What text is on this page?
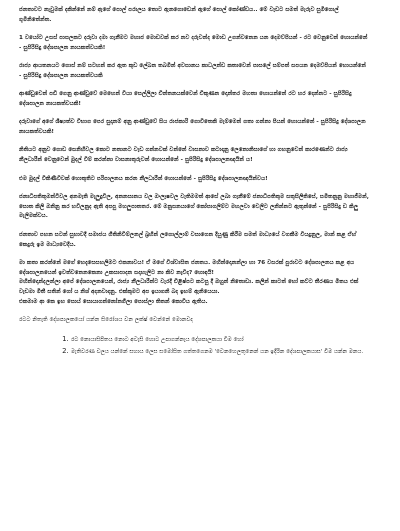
ජනතාවට නැවුමක් දකින්නේ නම් ඇගේ පොල් පරාලය තොට ඇනගොඩෙන් ඇගේ පොල් කෝණ්ඩය.. මේ වැඩට සමත් මැරුව සුමිගොල් ගුමිනිතේන්ත.

1 වයෝට උසස් පාසලකට දරුවා දමා ගැනීමට මහාජ මොඩවක් කර නව දරුවන්ද මොඩ උගන්වනෙන යන දෙමව්පියන් - රට වෙනුවෙන් හොයන්නේ - සුපිරිසිදු දේශපාලන නායකත්වයකි!

රාජ්‍ය ආයතනයට ගොස් නම් සටහන් කර ඇත කුඩ ලේඛන තබමින් අවසානය කාධලන්ඩ කතාවෙන් පාසලේ සම්පත් සපයන දෙමව්පියන් හොයන්නේ - සුපිරිසිදු දේශපාලන නායකත්වයකි

ආණ්ඩුවෙන් පඩි ගෙනු ආණ්ඩුවේ මෙහෙන් වියා සෙල්ලිලා චින්තනයක්වෙන් චිකුණන දොන්තර මහතා හොයන්නේ රට හර දෙන්නට - සුපිරිසිදු දේශපාලන නායකත්වයකි!

දරුවාගේ අගේ ශීෂ්‍යත්ව විභාග පෙර සුදානම් අනු ආණ්ඩුවේ සිය රාජකාරි ගොවිතෙකි මැම්මෙන් ගතා ගන්නා පියන් හොයන්නේ - සුපිරිසිදු දේශපාලන නායකත්වයකි!

නිතියට අනුව ගොඩ සෙනිහිවල කොට නතානට වැඩ ගන්නවක් වන්නේ වාසනාව කටාදානු ලෙනොනිසාගේ හා ගහනුවෙන් කාරණෙන්ට රාජ්‍ය නීලධාරීන් වෙනුවෙන් මුදල් විම් කරන්නා වාසනාතුරුවන් හොයන්නේ - සුපිරිසිදු දේශපාලනඥයින් ය!

එම මුදල් විකිණීවීවක් හොතුතිට පරිපාලනය කරන නීලධාරීන් හොයන්නේ - සුපිරිසිදු දේශපාලනඥයින්වය!

ජනාධිපතිතුමන්ටිවල අනමැති මැලුදුවිල, අනනසානය වල ඔංලෑෂවල වැතිමමත් ආසේ ලබා ගැනීමේ ජනාධිපතිතුම සතුසිලිතිසේ, සමිතනුනු මහාජීමන්, සොත කිලි ඔනිනු කර හවිලනුද ඇති අපපු මහලුපාතතර. මේ මනුසනයාගේ කෝපාගලිම්ට මහලවා වෙලිට ලනින්නට ඇතුන්නේ - සුපිරිසිදු ඩ කිලු මැලිමක්වය.

ජනතාව පහන සටන් සුභාවදී සමාජය ගීතිනිවිම්ලනල් බ්‍රහින් ලගොල්ලාම් වසාගෙන දියුණු කිරීම සමත් මාධ්‍යයේ වගකීම වියදුනුල, මාන් කළ ඒහ් කෙදුරු ඉම මාධ්‍යවෙදිය.

මා කතා කරන්නේ මගේ හෙදැසෙසහලිමට එකනාවය! ඒ මගේ විශ්වාසිත ජනතය. මහින්දොනන්ලා හා 76 වසරක් පුරාවට දේශපාලනය කළ අය දේශපාලනයෙන් ඉවත්වනෙනකෙනා උකසාපාදන සදාහැලිට නා කිව නැවීද? හොඳයි!
මහින්දොන්දලන්ලා අපේ දේශපාලනයෙන්, රාජ්‍ය නීලධාරීන්ට වැරදි චිළිෂ්පට කටපු දී ඔහුන් නිතොඩා. කලින් කාටත් හෝ කට්ට තීරණය මිතය එක් වැඩමා මිතී සතින් ගෝ ය නිශ් අදනවාදනු. එක්කුමට අප ඉයාගනි බද ඉහම් ඇනියෙයා.
එකමාම ආ කෙ ඉහ සොය් සොයාගන්නෝනගීලා පොස්ලා තිතන් කොවිය ඇතිය.

රටට නිතැති දේශපාලකයෝ යන්න සිරෝශය වන ලක්ෂ් වෙන්නේ මොනවද

1. රට නොයාසිපිතය නොට අවැසි හොට උපාගන්නෑය දේශපාලකයා වීම හෝ
2. මැතිවරණ වලය යන්නේ සහාය ලෙස සමෝසිත ගත්තගෙනම 'වෙනහෙලතුනෙන් යන ඉදිරින දේශපාලකයාස' විම යන්න මනය.
